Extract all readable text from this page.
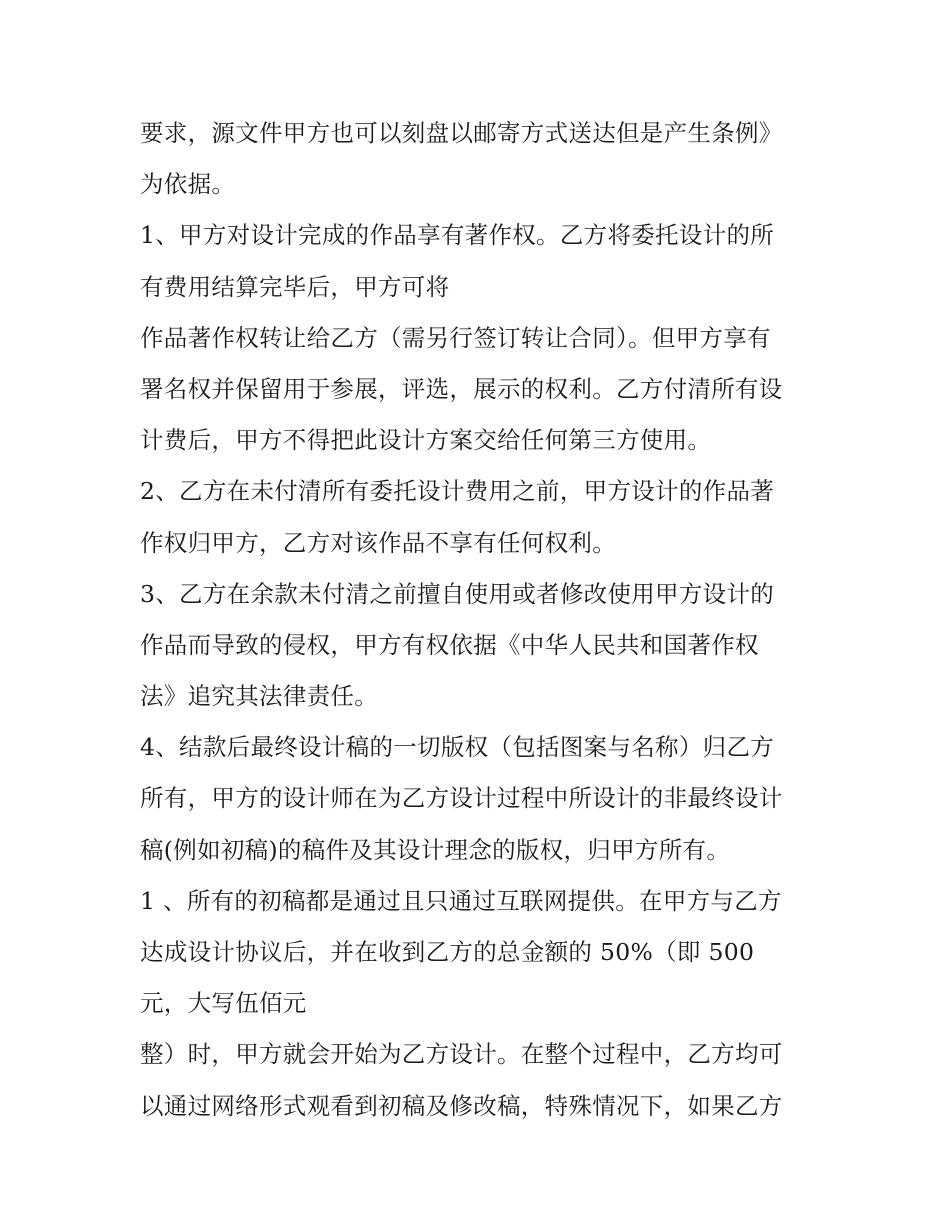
要求，源文件甲方也可以刻盘以邮寄方式送达但是产生条例》
为依据。
1、甲方对设计完成的作品享有著作权。乙方将委托设计的所
有费用结算完毕后，甲方可将
作品著作权转让给乙方（需另行签订转让合同）。但甲方享有
署名权并保留用于参展，评选，展示的权利。乙方付清所有设
计费后，甲方不得把此设计方案交给任何第三方使用。
2、乙方在未付清所有委托设计费用之前，甲方设计的作品著
作权归甲方，乙方对该作品不享有任何权利。
3、乙方在余款未付清之前擅自使用或者修改使用甲方设计的
作品而导致的侵权，甲方有权依据《中华人民共和国著作权
法》追究其法律责任。
4、结款后最终设计稿的一切版权（包括图案与名称）归乙方
所有，甲方的设计师在为乙方设计过程中所设计的非最终设计
稿(例如初稿)的稿件及其设计理念的版权，归甲方所有。
1 、所有的初稿都是通过且只通过互联网提供。在甲方与乙方
达成设计协议后，并在收到乙方的总金额的 50%（即 500
元，大写伍佰元
整）时，甲方就会开始为乙方设计。在整个过程中，乙方均可
以通过网络形式观看到初稿及修改稿，特殊情况下，如果乙方
